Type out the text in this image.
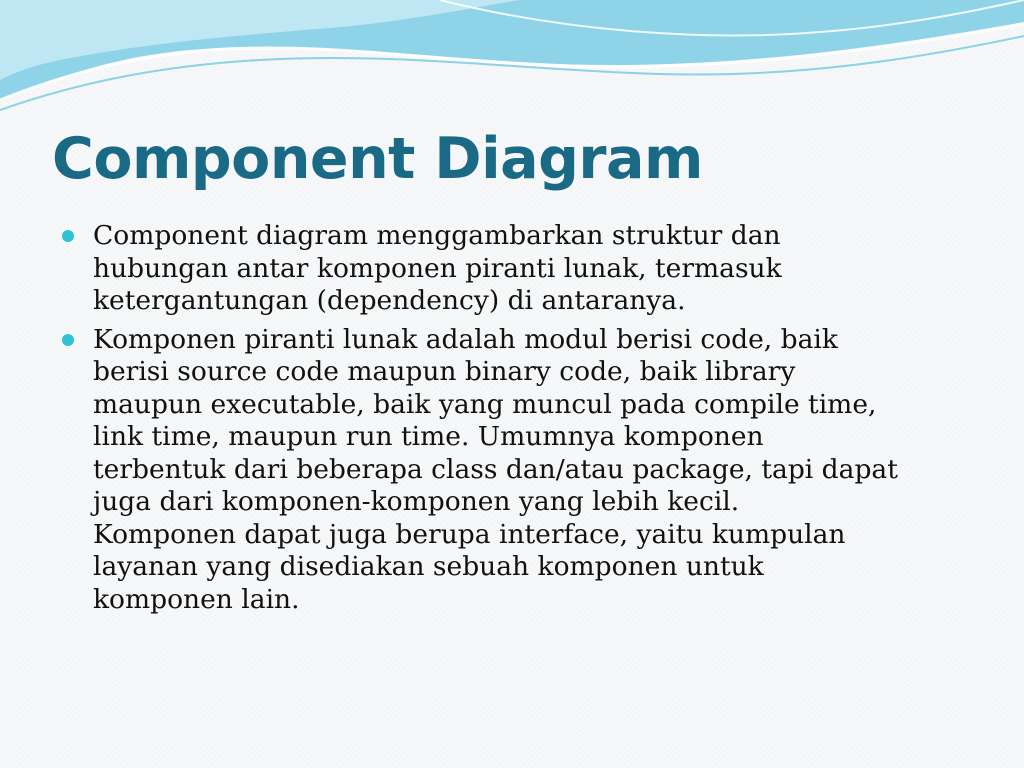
Component Diagram
Component diagram menggambarkan struktur dan
hubungan antar komponen piranti lunak, termasuk
ketergantungan (dependency) di antaranya.
Komponen piranti lunak adalah modul berisi code, baik
berisi source code maupun binary code, baik library
maupun executable, baik yang muncul pada compile time,
link time, maupun run time. Umumnya komponen
terbentuk dari beberapa class dan/atau package, tapi dapat
juga dari komponen-komponen yang lebih kecil.
Komponen dapat juga berupa interface, yaitu kumpulan
layanan yang disediakan sebuah komponen untuk
komponen lain.
